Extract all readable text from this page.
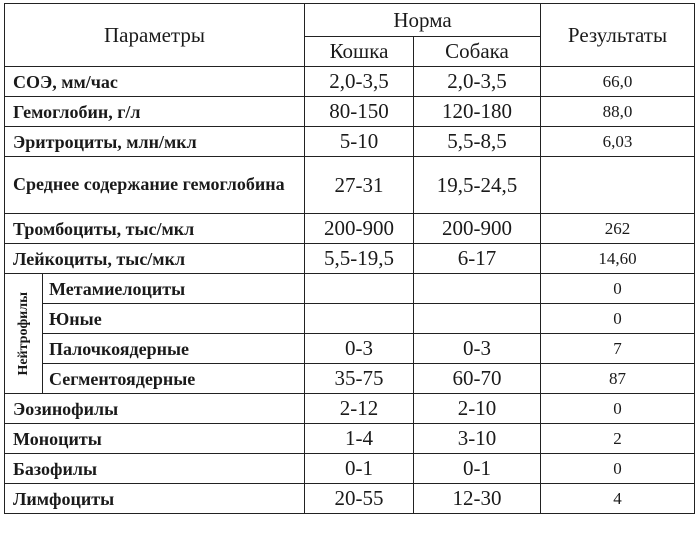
Параметры		Норма		Результаты
		Кошка	Собака	
СОЭ, мм/час		2,0-3,5	2,0-3,5	66,0
Гемоглобин, г/л		80-150	120-180	88,0
Эритроциты, млн/мкл		5-10	5,5-8,5	6,03
Среднее содержание гемоглобина		27-31	19,5-24,5	
Тромбоциты, тыс/мкл		200-900	200-900	262
Лейкоциты, тыс/мкл		5,5-19,5	6-17	14,60

Нейтрофилы	Метамиелоциты			0
	Юные			0
	Палочкоядерные	0-3	0-3	7
	Сегментоядерные	35-75	60-70	87
Эозинофилы		2-12	2-10	0
Моноциты		1-4	3-10	2
Базофилы		0-1	0-1	0
Лимфоциты		20-55	12-30	4
